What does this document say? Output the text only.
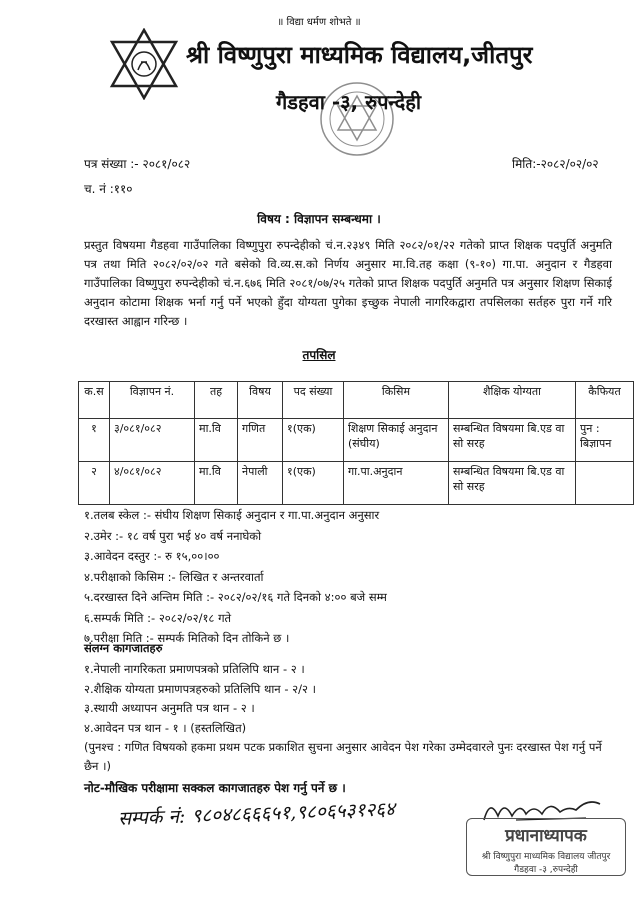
॥ विद्या धर्मण शोभते ॥
श्री विष्णुपुरा माध्यमिक विद्यालय,जीतपुर
गैडहवा -३, रुपन्देही
पत्र संख्या :- २०८१/०८२	मिति:-२०८२/०२/०२
च. नं :११०
विषय : विज्ञापन सम्बन्धमा ।
प्रस्तुत विषयमा गैडहवा गाउँपालिका विष्णुपुरा रुपन्देहीको चं.न.२३४९ मिति २०८२/०१/२२ गतेको प्राप्त शिक्षक पदपुर्ति अनुमति पत्र तथा मिति २०८२/०२/०२ गते बसेको वि.व्य.स.को निर्णय अनुसार मा.वि.तह कक्षा (९-१०) गा.पा. अनुदान र गैडहवा गाउँपालिका विष्णुपुरा रुपन्देहीको चं.न.६७६ मिति २०८१/०७/२५ गतेको प्राप्त शिक्षक पदपुर्ति अनुमति पत्र अनुसार शिक्षण सिकाई अनुदान कोटामा शिक्षक भर्ना गर्नु पर्ने भएको हुँदा योग्यता पुगेका इच्छुक नेपाली नागरिकद्वारा तपसिलका सर्तहरु पुरा गर्ने गरि दरखास्त आह्वान गरिन्छ ।
तपसिल
क.स	विज्ञापन नं.	तह	विषय	पद संख्या	किसिम	शैक्षिक योग्यता	कैफियत
१	३/०८१/०८२	मा.वि	गणित	१(एक)	शिक्षण सिकाई अनुदान (संघीय)	सम्बन्धित विषयमा बि.एड वा सो सरह	पुन : बिज्ञापन
२	४/०८१/०८२	मा.वि	नेपाली	१(एक)	गा.पा.अनुदान	सम्बन्धित विषयमा बि.एड वा सो सरह	
१.तलब स्केल :- संघीय शिक्षण सिकाई अनुदान र गा.पा.अनुदान अनुसार
२.उमेर :- १८ वर्ष पुरा भई ४० वर्ष ननाघेको
३.आवेदन दस्तुर :- रु १५,००।००
४.परीक्षाको किसिम :- लिखित र अन्तरवार्ता
५.दरखास्त दिने अन्तिम मिति :- २०८२/०२/१६ गते दिनको ४:०० बजे सम्म
६.सम्पर्क मिति :- २०८२/०२/१८ गते
७.परीक्षा मिति :- सम्पर्क मितिको दिन तोकिने छ ।
संलग्न कागजातहरु
१.नेपाली नागरिकता प्रमाणपत्रको प्रतिलिपि थान - २ ।
२.शैक्षिक योग्यता प्रमाणपत्रहरुको प्रतिलिपि थान - २/२ ।
३.स्थायी अध्यापन अनुमति पत्र थान - २ ।
४.आवेदन पत्र थान - १ । (हस्तलिखित)
(पुनश्च : गणित विषयको हकमा प्रथम पटक प्रकाशित सुचना अनुसार आवेदन पेश गरेका उम्मेदवारले पुनः दरखास्त पेश गर्नु पर्ने छैन ।)
नोट-मौखिक परीक्षामा सक्कल कागजातहरु पेश गर्नु पर्ने छ ।
सम्पर्क नं: ९८०४८६६६५१,९८०६५३१२६४
प्रधानाध्यापक
श्री विष्णुपुरा माध्यमिक विद्यालय जीतपुर
गैडहवा -३ ,रुपन्देही
